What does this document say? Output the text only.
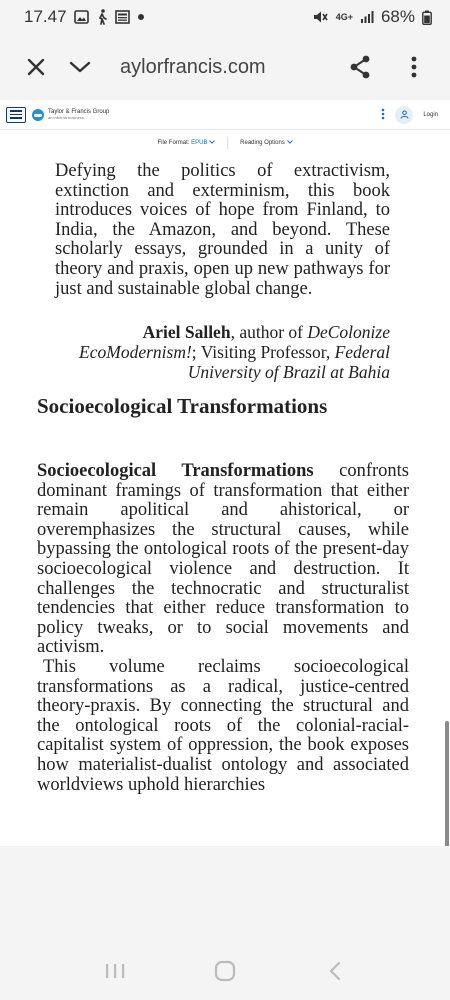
17.47	4G+ 68%
aylorfrancis.com
Taylor & Francis Group
an informa business	Login
File Format: EPUB	Reading Options

Defying the politics of extractivism, extinction and exterminism, this book introduces voices of hope from Finland, to India, the Amazon, and beyond. These scholarly essays, grounded in a unity of theory and praxis, open up new pathways for just and sustainable global change.

Ariel Salleh, author of DeColonize EcoModernism!; Visiting Professor, Federal University of Brazil at Bahia

Socioecological Transformations

Socioecological Transformations confronts dominant framings of transformation that either remain apolitical and ahistorical, or overemphasizes the structural causes, while bypassing the ontological roots of the present-day socioecological violence and destruction. It challenges the technocratic and structuralist tendencies that either reduce transformation to policy tweaks, or to social movements and activism.

This volume reclaims socioecological transformations as a radical, justice-centred theory-praxis. By connecting the structural and the ontological roots of the colonial-racial-capitalist system of oppression, the book exposes how materialist-dualist ontology and associated worldviews uphold hierarchies
